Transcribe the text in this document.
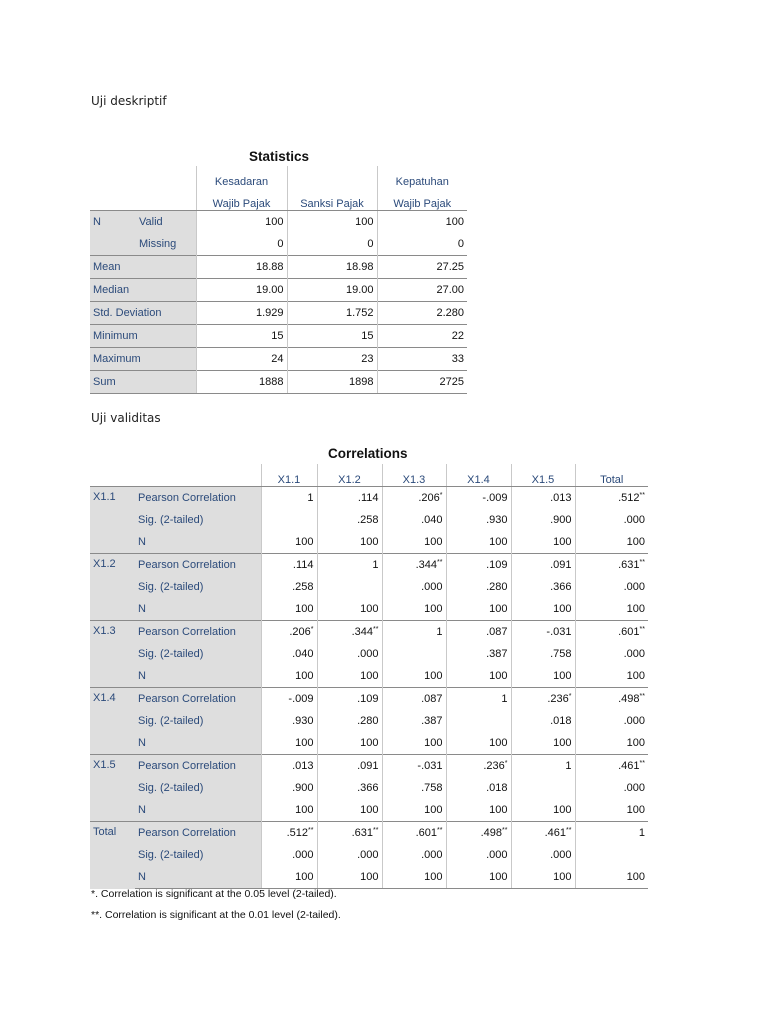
Uji deskriptif
Statistics
		Kesadaran		Kepatuhan
		Wajib Pajak	Sanksi Pajak	Wajib Pajak
N	Valid	100	100	100
	Missing	0	0	0
Mean		18.88	18.98	27.25
Median		19.00	19.00	27.00
Std. Deviation		1.929	1.752	2.280
Minimum		15	15	22
Maximum		24	23	33
Sum		1888	1898	2725
Uji validitas
Correlations
		X1.1	X1.2	X1.3	X1.4	X1.5	Total
X1.1	Pearson Correlation	1	.114	.206*	-.009	.013	.512**
	Sig. (2-tailed)		.258	.040	.930	.900	.000
	N	100	100	100	100	100	100
X1.2	Pearson Correlation	.114	1	.344**	.109	.091	.631**
	Sig. (2-tailed)	.258		.000	.280	.366	.000
	N	100	100	100	100	100	100
X1.3	Pearson Correlation	.206*	.344**	1	.087	-.031	.601**
	Sig. (2-tailed)	.040	.000		.387	.758	.000
	N	100	100	100	100	100	100
X1.4	Pearson Correlation	-.009	.109	.087	1	.236*	.498**
	Sig. (2-tailed)	.930	.280	.387		.018	.000
	N	100	100	100	100	100	100
X1.5	Pearson Correlation	.013	.091	-.031	.236*	1	.461**
	Sig. (2-tailed)	.900	.366	.758	.018		.000
	N	100	100	100	100	100	100
Total	Pearson Correlation	.512**	.631**	.601**	.498**	.461**	1
	Sig. (2-tailed)	.000	.000	.000	.000	.000	
	N	100	100	100	100	100	100
*. Correlation is significant at the 0.05 level (2-tailed).
**. Correlation is significant at the 0.01 level (2-tailed).
